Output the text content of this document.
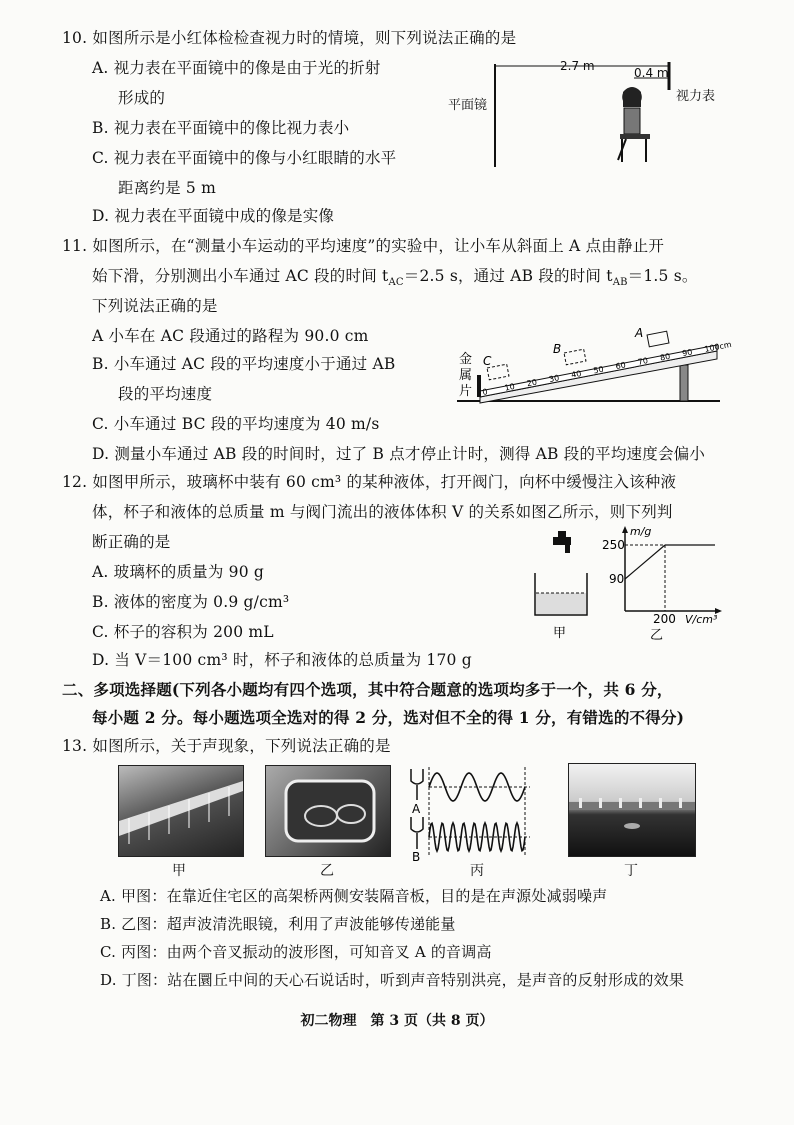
10. 如图所示是小红体检检查视力时的情境，则下列说法正确的是
A. 视力表在平面镜中的像是由于光的折射
形成的
B. 视力表在平面镜中的像比视力表小
C. 视力表在平面镜中的像与小红眼睛的水平
距离约是 5 m
D. 视力表在平面镜中成的像是实像
2.7 m	0.4 m
平面镜
视力表
11. 如图所示，在“测量小车运动的平均速度”的实验中，让小车从斜面上 A 点由静止开
始下滑，分别测出小车通过 AC 段的时间 $t_{AC}=2.5$ s，通过 AB 段的时间 $t_{AB}=1.5$ s。
下列说法正确的是
A 小车在 AC 段通过的路程为 90.0 cm
B. 小车通过 AC 段的平均速度小于通过 AB
段的平均速度
C. 小车通过 BC 段的平均速度为 40 m/s
D. 测量小车通过 AB 段的时间时，过了 B 点才停止计时，测得 AB 段的平均速度会偏小
A
B
C
金
属
片 0 10 20 30 40 50 60 70 80 90 100cm
12. 如图甲所示，玻璃杯中装有 60 cm³ 的某种液体，打开阀门，向杯中缓慢注入该种液
体，杯子和液体的总质量 m 与阀门流出的液体体积 V 的关系如图乙所示，则下列判
断正确的是
A. 玻璃杯的质量为 90 g
B. 液体的密度为 0.9 g/cm³
C. 杯子的容积为 200 mL
D. 当 V＝100 cm³ 时，杯子和液体的总质量为 170 g
甲
m/g
250
90
200 V/cm³
乙
二、多项选择题(下列各小题均有四个选项，其中符合题意的选项均多于一个，共 6 分，
每小题 2 分。每小题选项全选对的得 2 分，选对但不全的得 1 分，有错选的不得分)
13. 如图所示，关于声现象，下列说法正确的是
A
B
甲	乙	丙	丁
A. 甲图：在靠近住宅区的高架桥两侧安装隔音板，目的是在声源处减弱噪声
B. 乙图：超声波清洗眼镜，利用了声波能够传递能量
C. 丙图：由两个音叉振动的波形图，可知音叉 A 的音调高
D. 丁图：站在圜丘中间的天心石说话时，听到声音特别洪亮，是声音的反射形成的效果
初二物理　第 3 页（共 8 页）
